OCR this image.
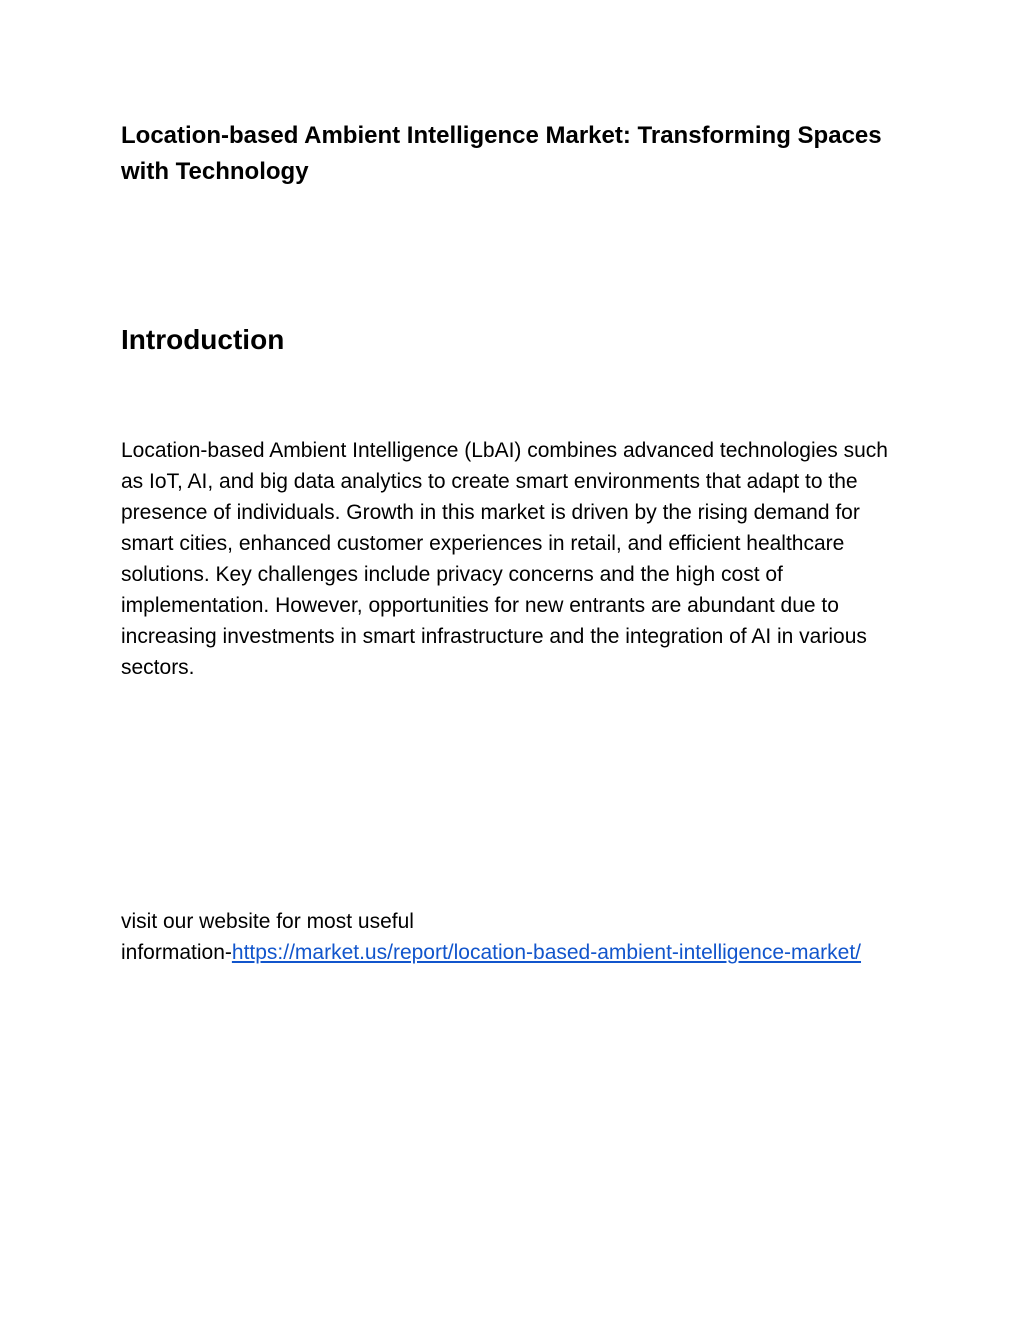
Location-based Ambient Intelligence Market: Transforming Spaces with Technology
Introduction

Location-based Ambient Intelligence (LbAI) combines advanced technologies such as IoT, AI, and big data analytics to create smart environments that adapt to the presence of individuals. Growth in this market is driven by the rising demand for smart cities, enhanced customer experiences in retail, and efficient healthcare solutions. Key challenges include privacy concerns and the high cost of implementation. However, opportunities for new entrants are abundant due to increasing investments in smart infrastructure and the integration of AI in various sectors.

visit our website for most useful
information-https://market.us/report/location-based-ambient-intelligence-market/
